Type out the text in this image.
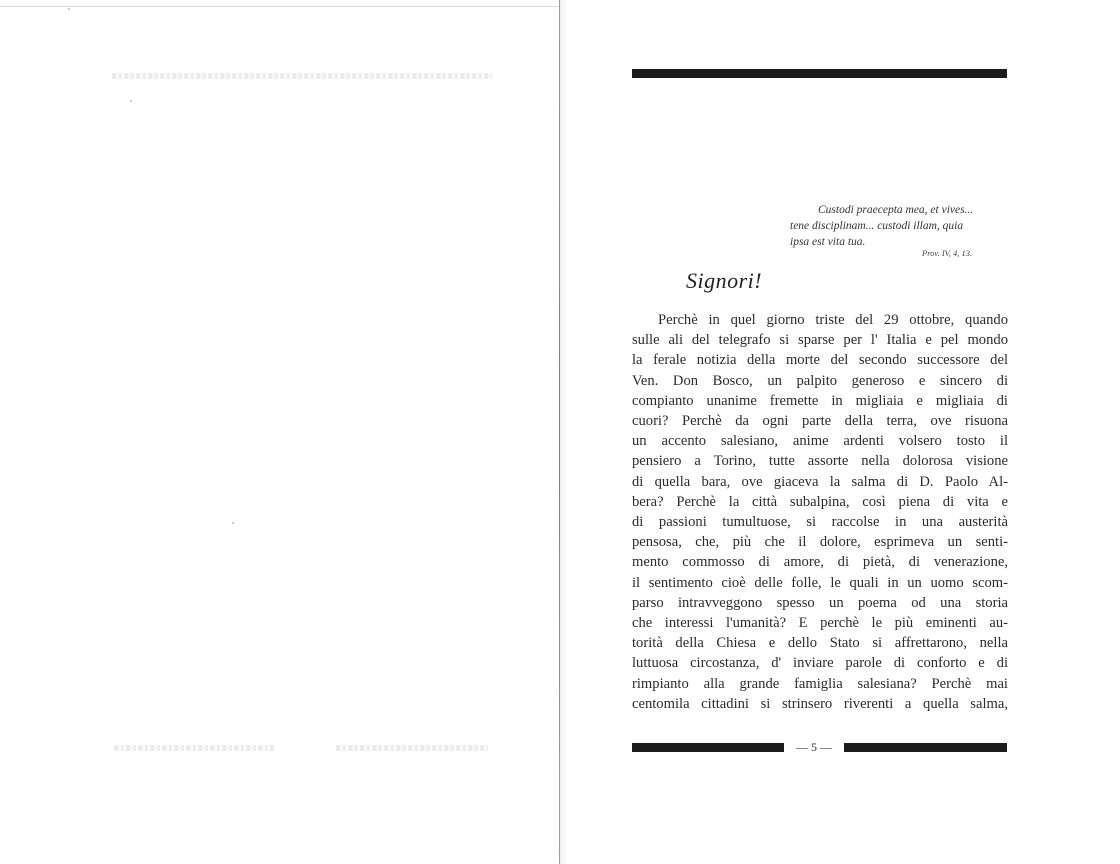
Custodi praecepta mea, et vives...
tene disciplinam... custodi illam, quia
ipsa est vita tua.
Prov. IV, 4, 13.
Signori!
Perchè in quel giorno triste del 29 ottobre, quando
sulle ali del telegrafo si sparse per l' Italia e pel mondo
la ferale notizia della morte del secondo successore del
Ven. Don Bosco, un palpito generoso e sincero di
compianto unanime fremette in migliaia e migliaia di
cuori? Perchè da ogni parte della terra, ove risuona
un accento salesiano, anime ardenti volsero tosto il
pensiero a Torino, tutte assorte nella dolorosa visione
di quella bara, ove giaceva la salma di D. Paolo Al-
bera? Perchè la città subalpina, così piena di vita e
di passioni tumultuose, si raccolse in una austerità
pensosa, che, più che il dolore, esprimeva un senti-
mento commosso di amore, di pietà, di venerazione,
il sentimento cioè delle folle, le quali in un uomo scom-
parso intravveggono spesso un poema od una storia
che interessi l'umanità? E perchè le più eminenti au-
torità della Chiesa e dello Stato si affrettarono, nella
luttuosa circostanza, d' inviare parole di conforto e di
rimpianto alla grande famiglia salesiana? Perchè mai
centomila cittadini si strinsero riverenti a quella salma,
— 5 —
